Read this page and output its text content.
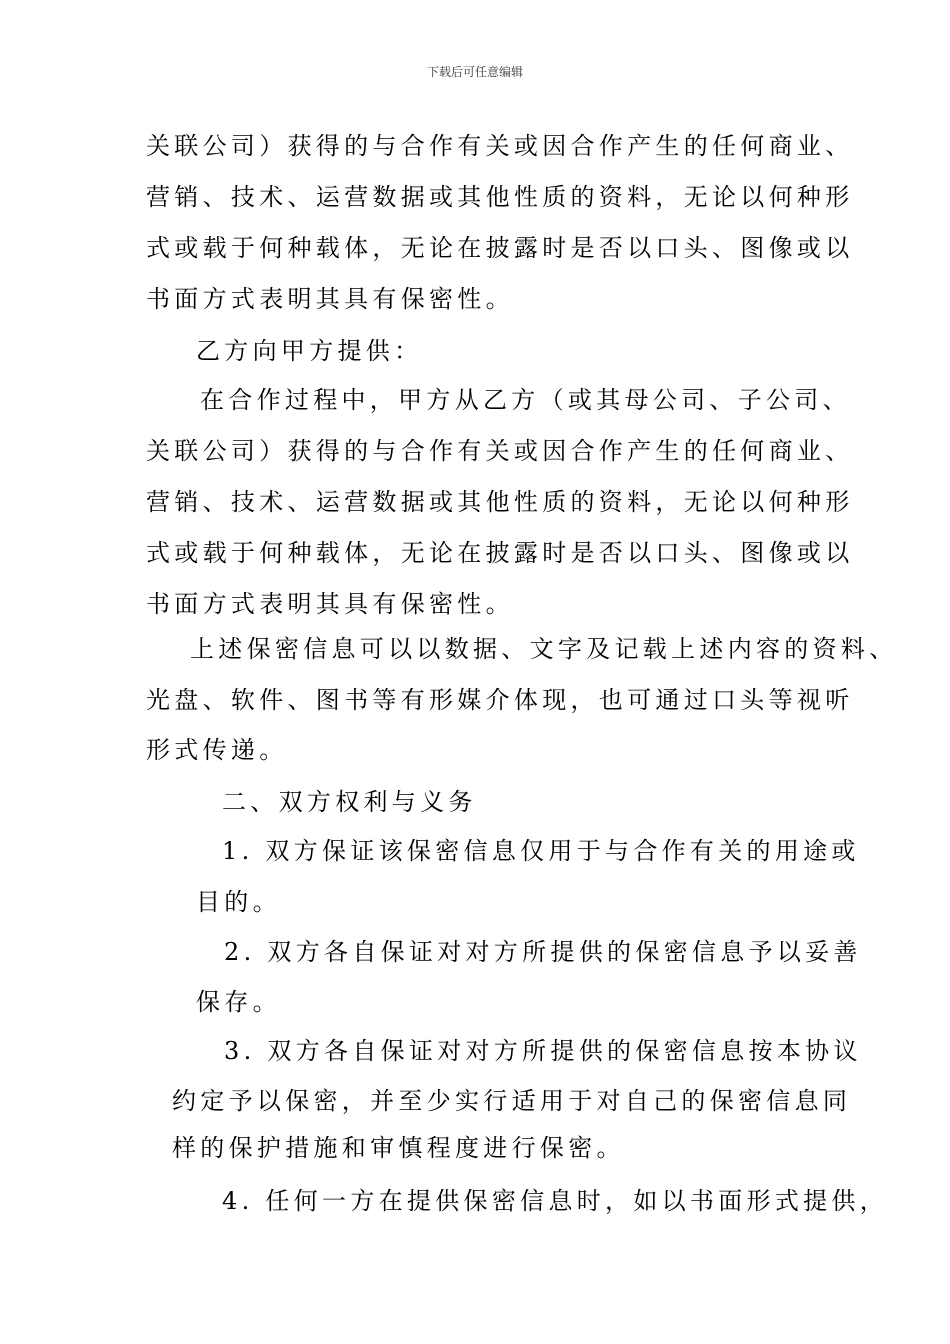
下载后可任意编辑
关联公司）获得的与合作有关或因合作产生的任何商业、
营销、技术、运营数据或其他性质的资料，无论以何种形
式或载于何种载体，无论在披露时是否以口头、图像或以
书面方式表明其具有保密性。
乙方向甲方提供：
在合作过程中，甲方从乙方（或其母公司、子公司、
关联公司）获得的与合作有关或因合作产生的任何商业、
营销、技术、运营数据或其他性质的资料，无论以何种形
式或载于何种载体，无论在披露时是否以口头、图像或以
书面方式表明其具有保密性。
上述保密信息可以以数据、文字及记载上述内容的资料、
光盘、软件、图书等有形媒介体现，也可通过口头等视听
形式传递。
二、双方权利与义务
1. 双方保证该保密信息仅用于与合作有关的用途或
目的。
2. 双方各自保证对对方所提供的保密信息予以妥善
保存。
3. 双方各自保证对对方所提供的保密信息按本协议
约定予以保密，并至少实行适用于对自己的保密信息同
样的保护措施和审慎程度进行保密。
4. 任何一方在提供保密信息时，如以书面形式提供，
